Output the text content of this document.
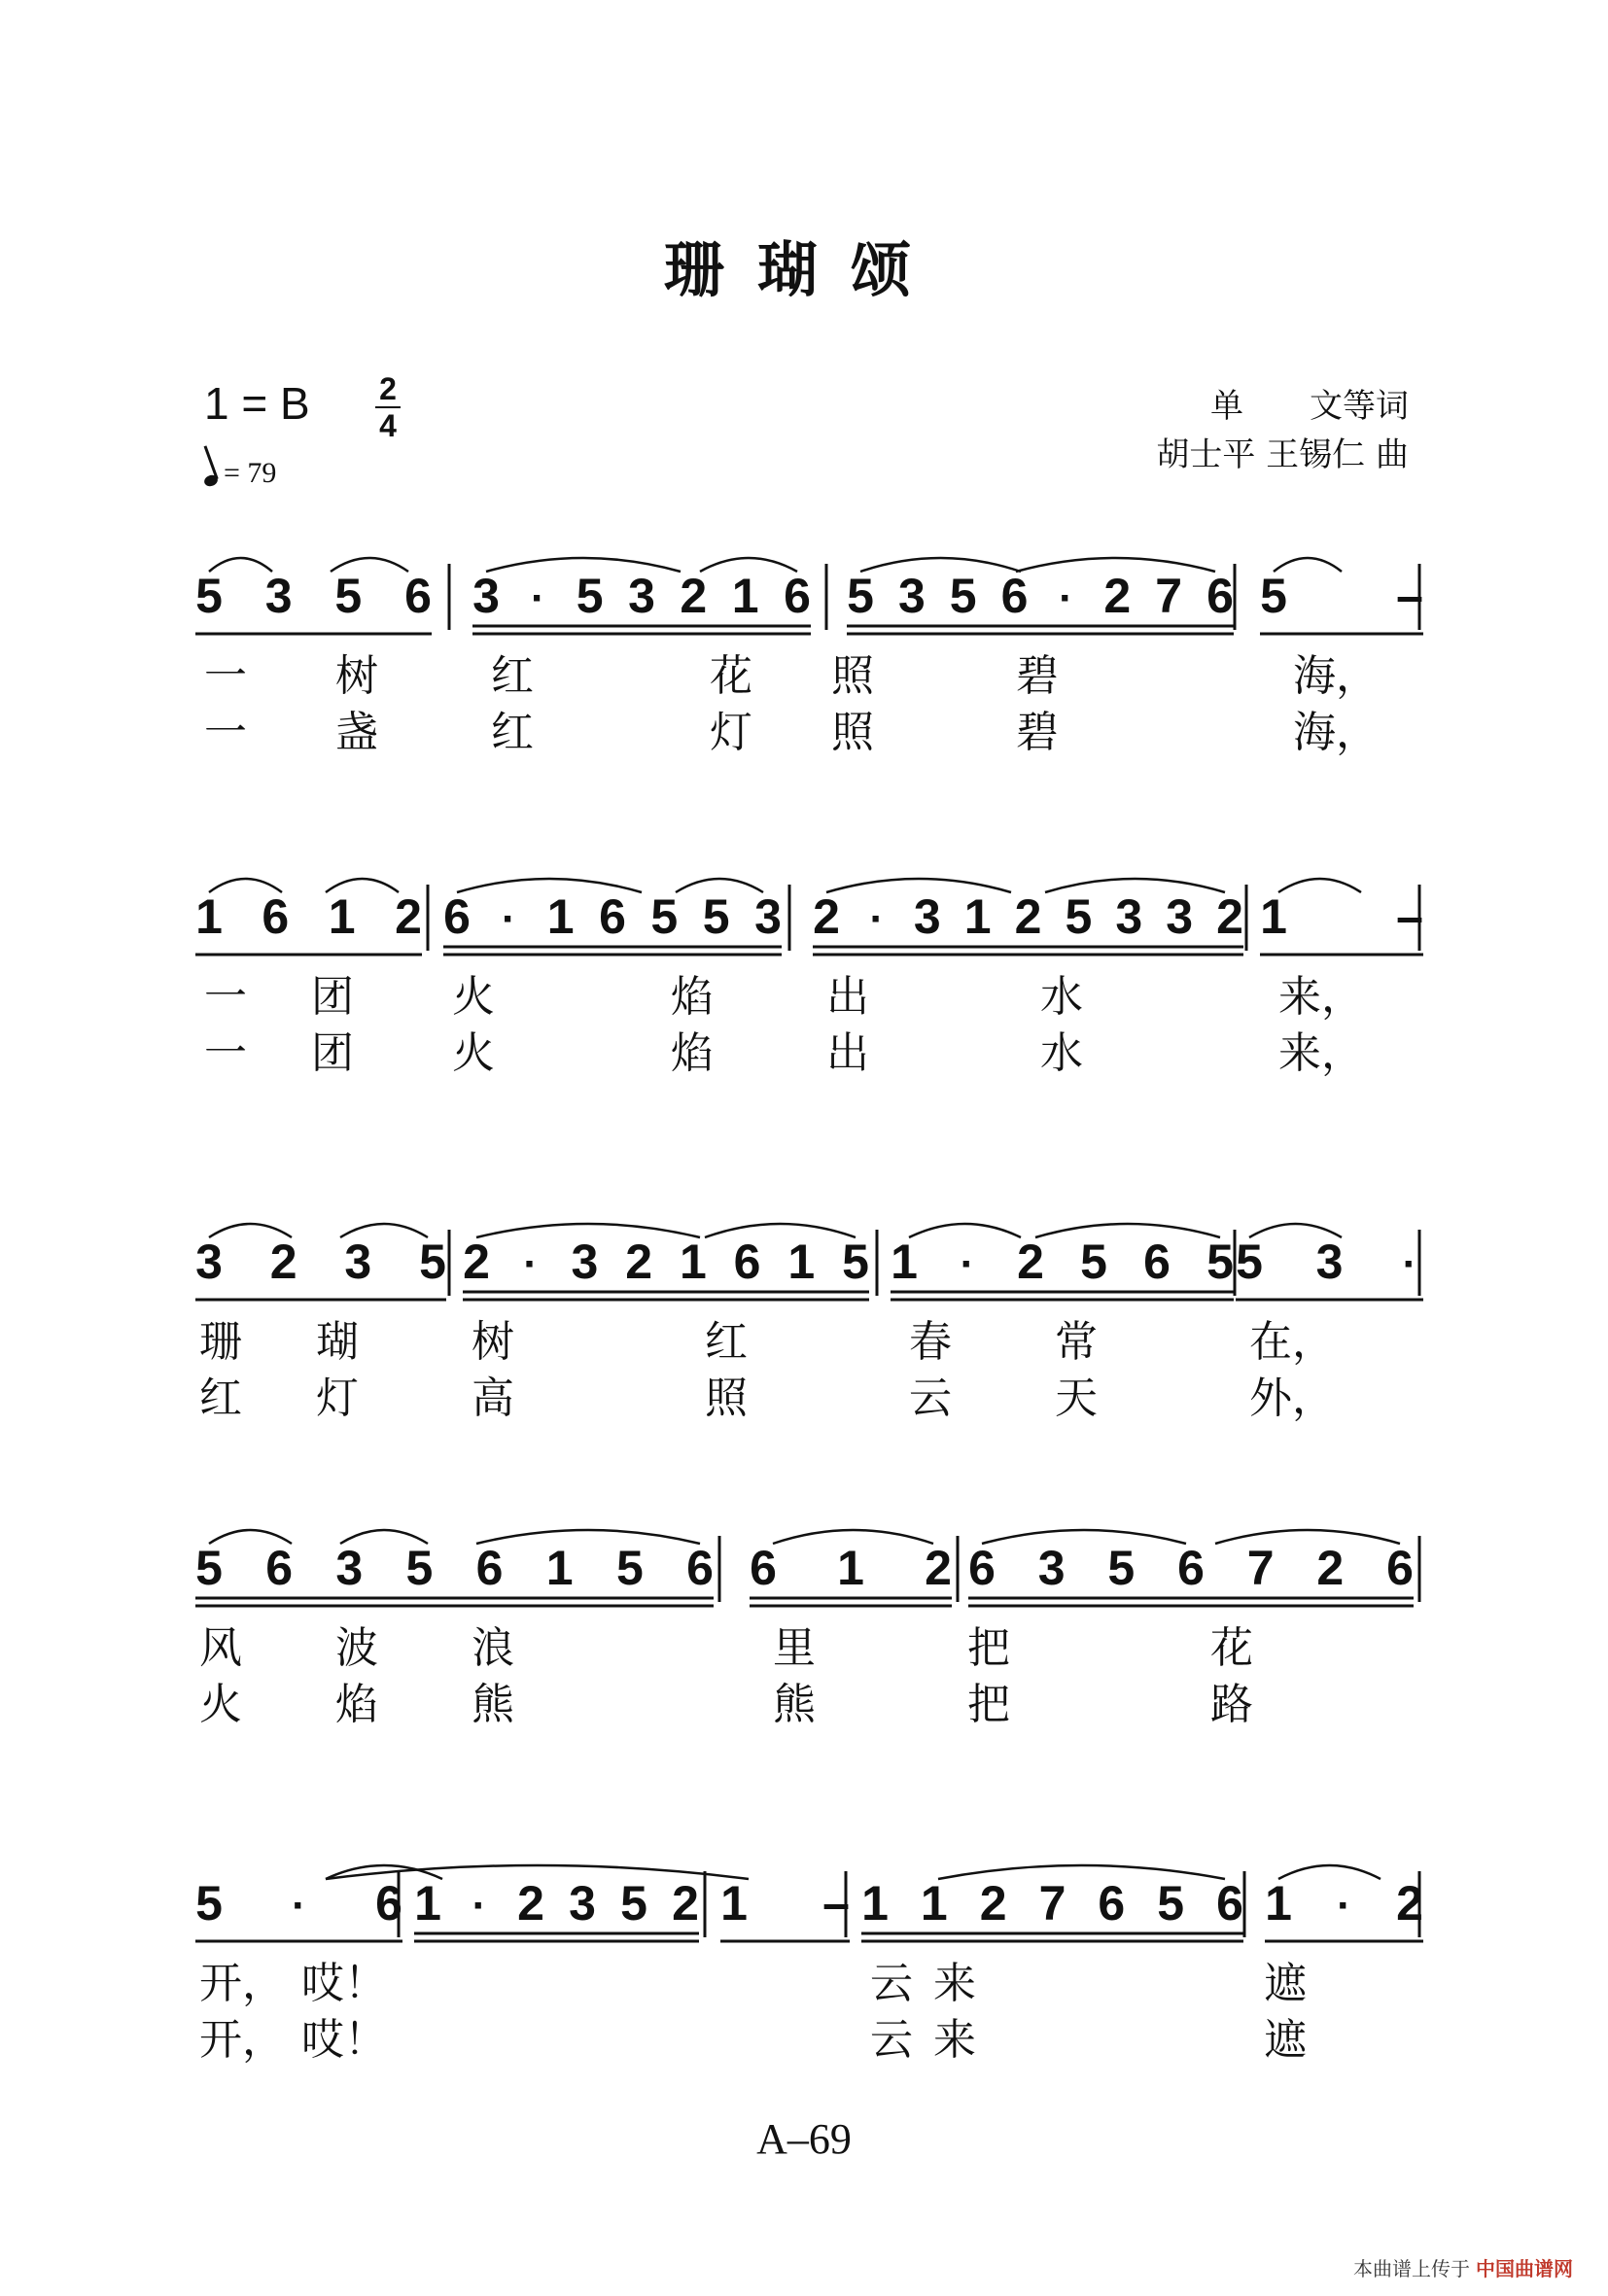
珊瑚颂
1 = B 2
4
= 79
单　　文等词
胡士平 王锡仁 曲
5 3 5 6 3 · 5 3 2 1 6 5 3 5 6 · 2 7 6 5 –
一 树	红	花 照	碧	海，
一 盏	红	灯 照	碧	海，
1 6 1 2 6 · 1 6 5 5 3 2 · 3 1 2 5 3 3 2 1 –
一 团 火	焰	出	水	来，
一 团 火	焰	出	水	来，
3 2 3 5 2 · 3 2 1 6 1 5 1 · 2 5 6 5 5 3 ·
珊 瑚	树	红	春 常	在，
红 灯	高	照	云 天	外，
5 6 3 5 6 1 5 6 6 1 2 6 3 5 6 7 2 6
风 波 浪	里	把	花
火 焰 熊	熊	把	路
5 · 6 1 · 2 3 5 2 1 – 1 1 2 7 6 5 6 1 · 2
开， 哎！	云 来	遮
开， 哎！	云 来	遮
A–69
本曲谱上传于 中国曲谱网
